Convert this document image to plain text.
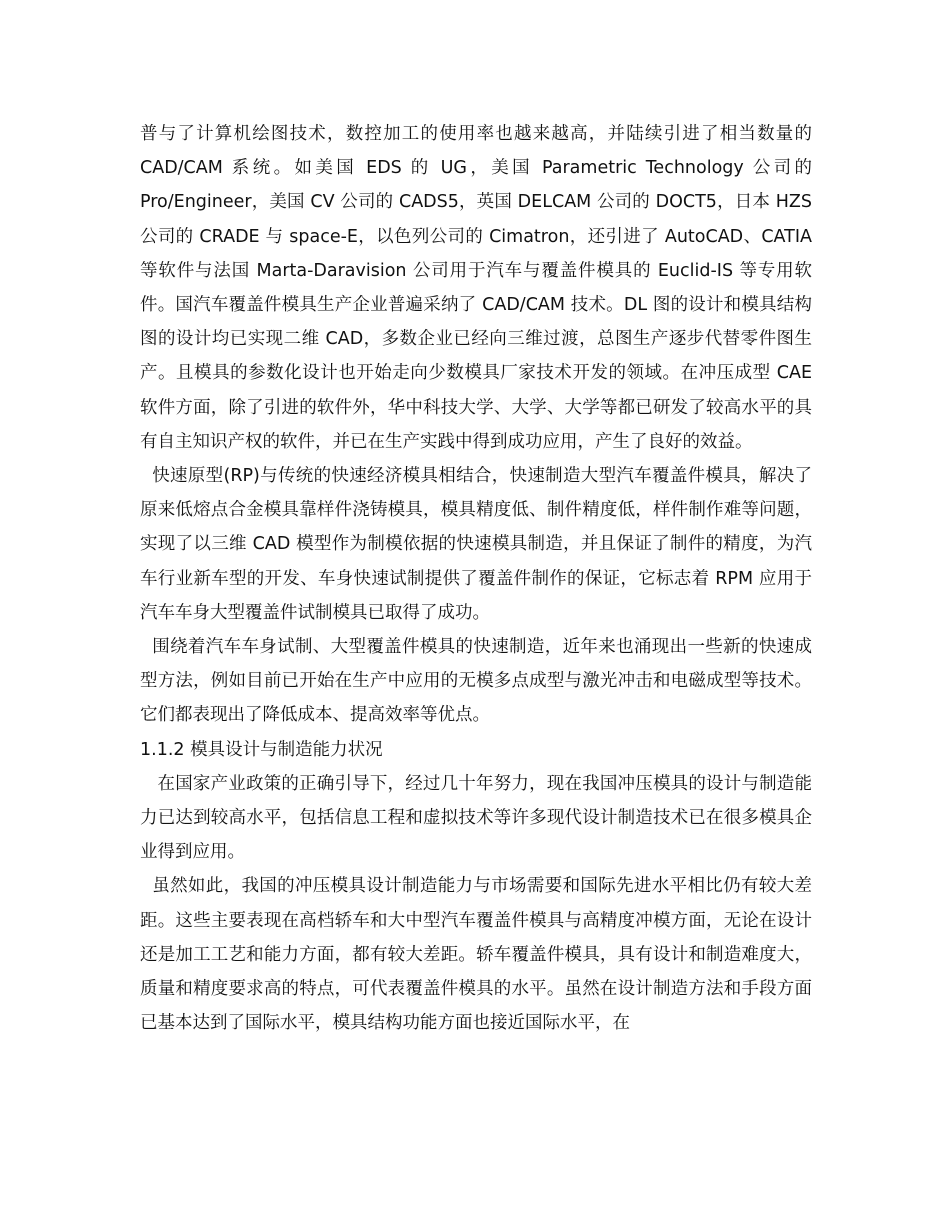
普与了计算机绘图技术，数控加工的使用率也越来越高，并陆续引进了相当数量的CAD/CAM 系统。如美国 EDS 的 UG，美国 Parametric Technology 公司的 Pro/Engineer，美国 CV 公司的 CADS5，英国 DELCAM 公司的 DOCT5，日本 HZS 公司的 CRADE 与 space-E，以色列公司的 Cimatron，还引进了 AutoCAD、CATIA 等软件与法国 Marta-Daravision 公司用于汽车与覆盖件模具的 Euclid-IS 等专用软件。国汽车覆盖件模具生产企业普遍采纳了 CAD/CAM 技术。DL 图的设计和模具结构图的设计均已实现二维 CAD，多数企业已经向三维过渡，总图生产逐步代替零件图生产。且模具的参数化设计也开始走向少数模具厂家技术开发的领域。在冲压成型 CAE 软件方面，除了引进的软件外，华中科技大学、大学、大学等都已研发了较高水平的具有自主知识产权的软件，并已在生产实践中得到成功应用，产生了良好的效益。

快速原型(RP)与传统的快速经济模具相结合，快速制造大型汽车覆盖件模具，解决了原来低熔点合金模具靠样件浇铸模具，模具精度低、制件精度低，样件制作难等问题，实现了以三维 CAD 模型作为制模依据的快速模具制造，并且保证了制件的精度，为汽车行业新车型的开发、车身快速试制提供了覆盖件制作的保证，它标志着 RPM 应用于汽车车身大型覆盖件试制模具已取得了成功。

围绕着汽车车身试制、大型覆盖件模具的快速制造，近年来也涌现出一些新的快速成型方法，例如目前已开始在生产中应用的无模多点成型与激光冲击和电磁成型等技术。它们都表现出了降低成本、提高效率等优点。

1.1.2 模具设计与制造能力状况

在国家产业政策的正确引导下，经过几十年努力，现在我国冲压模具的设计与制造能力已达到较高水平，包括信息工程和虚拟技术等许多现代设计制造技术已在很多模具企业得到应用。

虽然如此，我国的冲压模具设计制造能力与市场需要和国际先进水平相比仍有较大差距。这些主要表现在高档轿车和大中型汽车覆盖件模具与高精度冲模方面，无论在设计还是加工工艺和能力方面，都有较大差距。轿车覆盖件模具，具有设计和制造难度大，质量和精度要求高的特点，可代表覆盖件模具的水平。虽然在设计制造方法和手段方面已基本达到了国际水平，模具结构功能方面也接近国际水平，在
